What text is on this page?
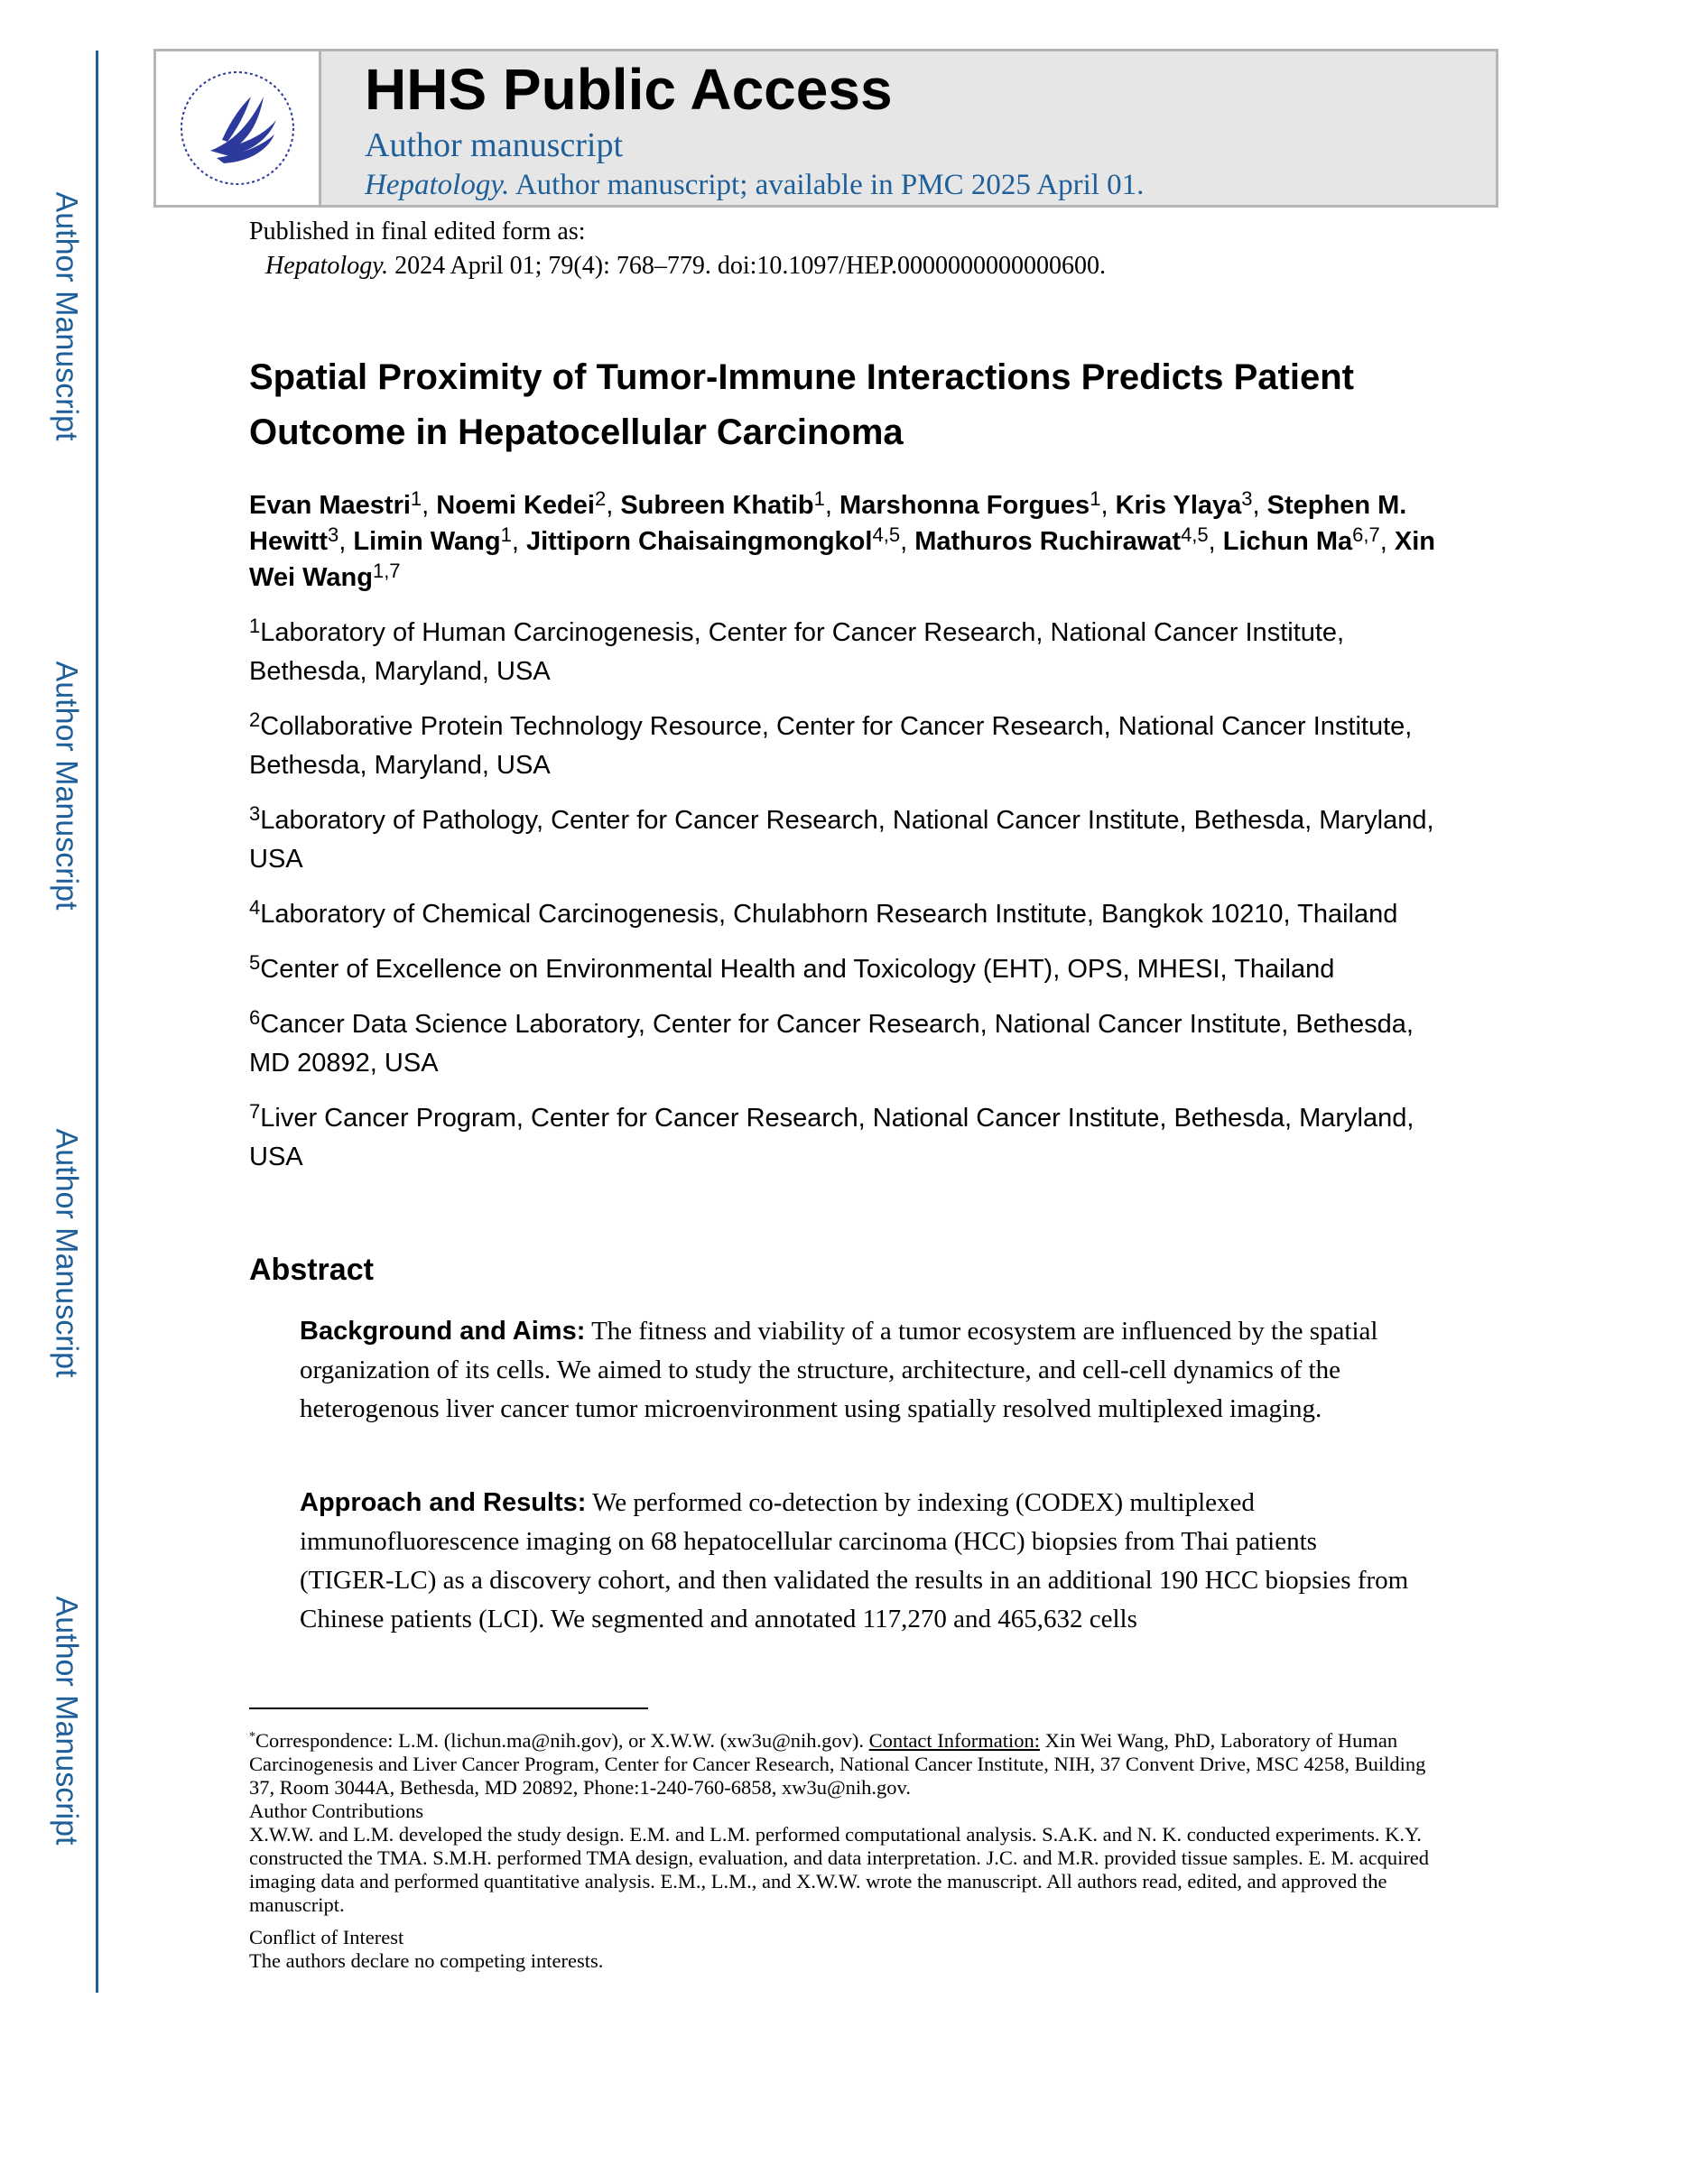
Author Manuscript
Author Manuscript
Author Manuscript
Author Manuscript
HHS Public Access
Author manuscript
Hepatology. Author manuscript; available in PMC 2025 April 01.
Published in final edited form as:
Hepatology. 2024 April 01; 79(4): 768–779. doi:10.1097/HEP.0000000000000600.
Spatial Proximity of Tumor-Immune Interactions Predicts Patient Outcome in Hepatocellular Carcinoma
Evan Maestri$^1$, Noemi Kedei$^2$, Subreen Khatib$^1$, Marshonna Forgues$^1$, Kris Ylaya$^3$, Stephen M. Hewitt$^3$, Limin Wang$^1$, Jittiporn Chaisaingmongkol$^{4,5}$, Mathuros Ruchirawat$^{4,5}$, Lichun Ma$^{6,7}$, Xin Wei Wang$^{1,7}$
$^1$Laboratory of Human Carcinogenesis, Center for Cancer Research, National Cancer Institute, Bethesda, Maryland, USA
$^2$Collaborative Protein Technology Resource, Center for Cancer Research, National Cancer Institute, Bethesda, Maryland, USA
$^3$Laboratory of Pathology, Center for Cancer Research, National Cancer Institute, Bethesda, Maryland, USA
$^4$Laboratory of Chemical Carcinogenesis, Chulabhorn Research Institute, Bangkok 10210, Thailand
$^5$Center of Excellence on Environmental Health and Toxicology (EHT), OPS, MHESI, Thailand
$^6$Cancer Data Science Laboratory, Center for Cancer Research, National Cancer Institute, Bethesda, MD 20892, USA
$^7$Liver Cancer Program, Center for Cancer Research, National Cancer Institute, Bethesda, Maryland, USA
Abstract
Background and Aims: The fitness and viability of a tumor ecosystem are influenced by the spatial organization of its cells. We aimed to study the structure, architecture, and cell-cell dynamics of the heterogenous liver cancer tumor microenvironment using spatially resolved multiplexed imaging.
Approach and Results: We performed co-detection by indexing (CODEX) multiplexed immunofluorescence imaging on 68 hepatocellular carcinoma (HCC) biopsies from Thai patients (TIGER-LC) as a discovery cohort, and then validated the results in an additional 190 HCC biopsies from Chinese patients (LCI). We segmented and annotated 117,270 and 465,632 cells

*Correspondence: L.M. (lichun.ma@nih.gov), or X.W.W. (xw3u@nih.gov). Contact Information: Xin Wei Wang, PhD, Laboratory of Human Carcinogenesis and Liver Cancer Program, Center for Cancer Research, National Cancer Institute, NIH, 37 Convent Drive, MSC 4258, Building 37, Room 3044A, Bethesda, MD 20892, Phone:1-240-760-6858, xw3u@nih.gov.

Author Contributions

X.W.W. and L.M. developed the study design. E.M. and L.M. performed computational analysis. S.A.K. and N. K. conducted experiments. K.Y. constructed the TMA. S.M.H. performed TMA design, evaluation, and data interpretation. J.C. and M.R. provided tissue samples. E. M. acquired imaging data and performed quantitative analysis. E.M., L.M., and X.W.W. wrote the manuscript. All authors read, edited, and approved the manuscript.

Conflict of Interest

The authors declare no competing interests.
